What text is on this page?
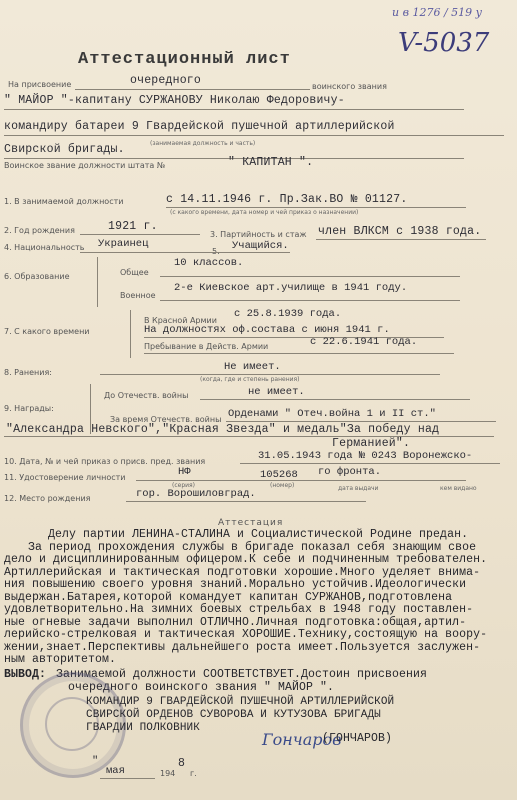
и в 1276 / 519 у
V-5037
Аттестационный лист
На присвоение	очередного	воинского звания
" МАЙОР "-капитану СУРЖАНОВУ Николаю Федоровичу-
командиру батареи 9 Гвардейской пушечной артиллерийской
Свирской бригады.	(занимаемая должность и часть)
Воинское звание должности штата №	" КАПИТАН ".
1. В занимаемой должности	с 14.11.1946 г. Пр.Зак.ВО № 01127.
(с какого времени, дата номер и чей приказ о назначении)
2. Год рождения	1921 г.
3. Партийность и стаж член ВЛКСМ с 1938 года.
4. Национальность Украинец
5. Учащийся.
6. Образование	Общее
10 классов.
Военное
2-е Киевское арт.училище в 1941 году.
7. С какого времени
В Красной Армии
с 25.8.1939 года.
На должностях оф.состава с июня 1941 г.
Пребывание в Действ. Армии	с 22.6.1941 года.
8. Ранения:	Не имеет.
(когда, где и степень ранения)
9. Награды:
До Отечеств. войны	не имеет.
За время Отечеств. войны Орденами " Отеч.война 1 и II ст."
"Александра Невского","Красная Звезда" и медаль"За победу над
Германией".
10. Дата, № и чей приказ о присв. пред. звания	31.05.1943 года № 0243 Воронежско-
11. Удостоверение личности	НФ	105268 го фронта.
(серия)	(номер)	дата выдачи	кем видано
12. Место рождения	гор. Ворошиловград.
Аттестация
Делу партии ЛЕНИНА-СТАЛИНА и Социалистической Родине предан.
За период прохождения службы в бригаде показал себя знающим свое
дело и дисциплинированным офицером.К себе и подчиненным требователен.
Артиллерийская и тактическая подготовки хорошие.Много уделяет внима-
ния повышению своего уровня знаний.Морально устойчив.Идеологически
выдержан.Батарея,которой командует капитан СУРЖАНОВ,подготовлена
удовлетворительно.На зимних боевых стрельбах в 1948 году поставлен-
ные огневые задачи выполнил ОТЛИЧНО.Личная подготовка:общая,артил-
лерийско-стрелковая и тактическая ХОРОШИЕ.Технику,состоящую на воору-
жении,знает.Перспективы дальнейшего роста имеет.Пользуется заслужен-
ным авторитетом.
ВЫВОД: Занимаемой должности СООТВЕТСТВУЕТ.Достоин присвоения
очередного воинского звания " МАЙОР ".
КОМАНДИР 9 ГВАРДЕЙСКОЙ ПУШЕЧНОЙ АРТИЛЛЕРИЙСКОЙ
СВИРСКОЙ ОРДЕНОВ СУВОРОВА И КУТУЗОВА БРИГАДЫ
ГВАРДИИ ПОЛКОВНИК
Гончаров
(ГОНЧАРОВ)
"
мая	194
8
г.
